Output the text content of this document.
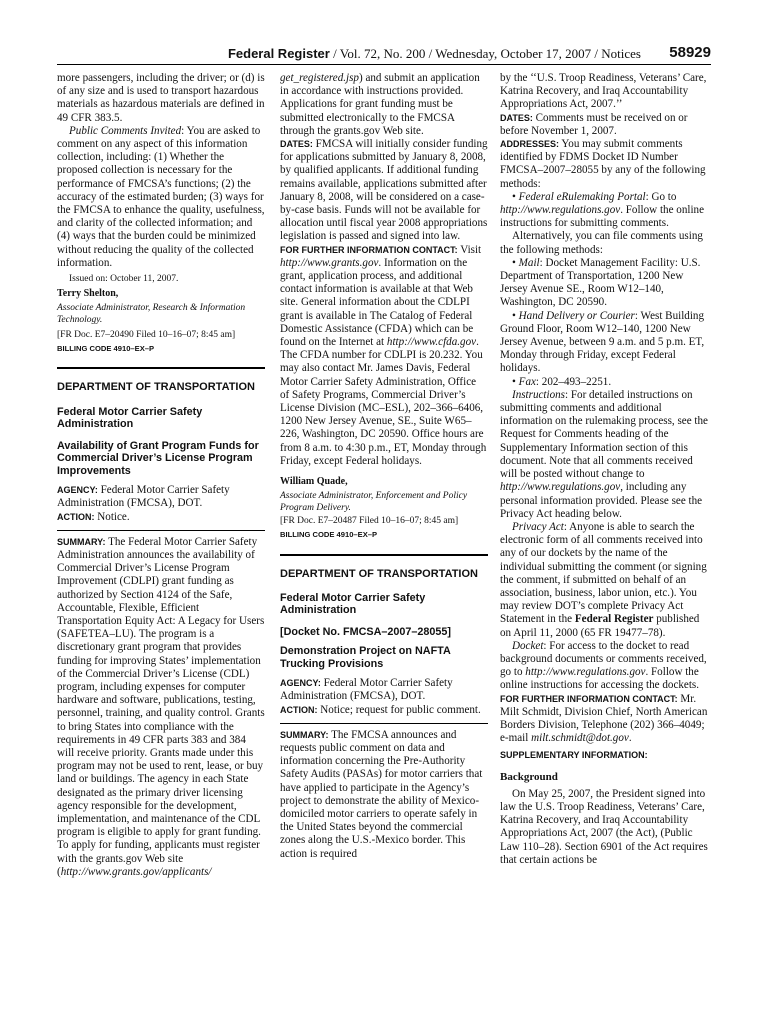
Federal Register / Vol. 72, No. 200 / Wednesday, October 17, 2007 / Notices 58929

more passengers, including the driver; or (d) is of any size and is used to transport hazardous materials as hazardous materials are defined in 49 CFR 383.5.

Public Comments Invited: You are asked to comment on any aspect of this information collection, including: (1) Whether the proposed collection is necessary for the performance of FMCSA’s functions; (2) the accuracy of the estimated burden; (3) ways for the FMCSA to enhance the quality, usefulness, and clarity of the collected information; and (4) ways that the burden could be minimized without reducing the quality of the collected information.

Issued on: October 11, 2007.

Terry Shelton,

Associate Administrator, Research & Information Technology.

[FR Doc. E7–20490 Filed 10–16–07; 8:45 am]

BILLING CODE 4910–EX–P

DEPARTMENT OF TRANSPORTATION
Federal Motor Carrier Safety Administration
Availability of Grant Program Funds for Commercial Driver’s License Program Improvements

AGENCY: Federal Motor Carrier Safety Administration (FMCSA), DOT.

ACTION: Notice.

SUMMARY: The Federal Motor Carrier Safety Administration announces the availability of Commercial Driver’s License Program Improvement (CDLPI) grant funding as authorized by Section 4124 of the Safe, Accountable, Flexible, Efficient Transportation Equity Act: A Legacy for Users (SAFETEA–LU). The program is a discretionary grant program that provides funding for improving States’ implementation of the Commercial Driver’s License (CDL) program, including expenses for computer hardware and software, publications, testing, personnel, training, and quality control. Grants to bring States into compliance with the requirements in 49 CFR parts 383 and 384 will receive priority. Grants made under this program may not be used to rent, lease, or buy land or buildings. The agency in each State designated as the primary driver licensing agency responsible for the development, implementation, and maintenance of the CDL program is eligible to apply for grant funding. To apply for funding, applicants must register with the grants.gov Web site (http://www.grants.gov/applicants/

get_registered.jsp) and submit an application in accordance with instructions provided. Applications for grant funding must be submitted electronically to the FMCSA through the grants.gov Web site.

DATES: FMCSA will initially consider funding for applications submitted by January 8, 2008, by qualified applicants. If additional funding remains available, applications submitted after January 8, 2008, will be considered on a case-by-case basis. Funds will not be available for allocation until fiscal year 2008 appropriations legislation is passed and signed into law.

FOR FURTHER INFORMATION CONTACT: Visit http://www.grants.gov. Information on the grant, application process, and additional contact information is available at that Web site. General information about the CDLPI grant is available in The Catalog of Federal Domestic Assistance (CFDA) which can be found on the Internet at http://www.cfda.gov. The CFDA number for CDLPI is 20.232. You may also contact Mr. James Davis, Federal Motor Carrier Safety Administration, Office of Safety Programs, Commercial Driver’s License Division (MC–ESL), 202–366–6406, 1200 New Jersey Avenue, SE., Suite W65–226, Washington, DC 20590. Office hours are from 8 a.m. to 4:30 p.m., ET, Monday through Friday, except Federal holidays.

William Quade,

Associate Administrator, Enforcement and Policy Program Delivery.

[FR Doc. E7–20487 Filed 10–16–07; 8:45 am]

BILLING CODE 4910–EX–P

DEPARTMENT OF TRANSPORTATION
Federal Motor Carrier Safety Administration
[Docket No. FMCSA–2007–28055]
Demonstration Project on NAFTA Trucking Provisions

AGENCY: Federal Motor Carrier Safety Administration (FMCSA), DOT.

ACTION: Notice; request for public comment.

SUMMARY: The FMCSA announces and requests public comment on data and information concerning the Pre-Authority Safety Audits (PASAs) for motor carriers that have applied to participate in the Agency’s project to demonstrate the ability of Mexico-domiciled motor carriers to operate safely in the United States beyond the commercial zones along the U.S.-Mexico border. This action is required

by the ‘‘U.S. Troop Readiness, Veterans’ Care, Katrina Recovery, and Iraq Accountability Appropriations Act, 2007.’’

DATES: Comments must be received on or before November 1, 2007.

ADDRESSES: You may submit comments identified by FDMS Docket ID Number FMCSA–2007–28055 by any of the following methods:

• Federal eRulemaking Portal: Go to http://www.regulations.gov. Follow the online instructions for submitting comments.

Alternatively, you can file comments using the following methods:

• Mail: Docket Management Facility: U.S. Department of Transportation, 1200 New Jersey Avenue SE., Room W12–140, Washington, DC 20590.

• Hand Delivery or Courier: West Building Ground Floor, Room W12–140, 1200 New Jersey Avenue, between 9 a.m. and 5 p.m. ET, Monday through Friday, except Federal holidays.

• Fax: 202–493–2251.

Instructions: For detailed instructions on submitting comments and additional information on the rulemaking process, see the Request for Comments heading of the Supplementary Information section of this document. Note that all comments received will be posted without change to http://www.regulations.gov, including any personal information provided. Please see the Privacy Act heading below.

Privacy Act: Anyone is able to search the electronic form of all comments received into any of our dockets by the name of the individual submitting the comment (or signing the comment, if submitted on behalf of an association, business, labor union, etc.). You may review DOT’s complete Privacy Act Statement in the Federal Register published on April 11, 2000 (65 FR 19477–78).

Docket: For access to the docket to read background documents or comments received, go to http://www.regulations.gov. Follow the online instructions for accessing the dockets.

FOR FURTHER INFORMATION CONTACT: Mr. Milt Schmidt, Division Chief, North American Borders Division, Telephone (202) 366–4049; e-mail milt.schmidt@dot.gov.

SUPPLEMENTARY INFORMATION:

Background

On May 25, 2007, the President signed into law the U.S. Troop Readiness, Veterans’ Care, Katrina Recovery, and Iraq Accountability Appropriations Act, 2007 (the Act), (Public Law 110–28). Section 6901 of the Act requires that certain actions be
